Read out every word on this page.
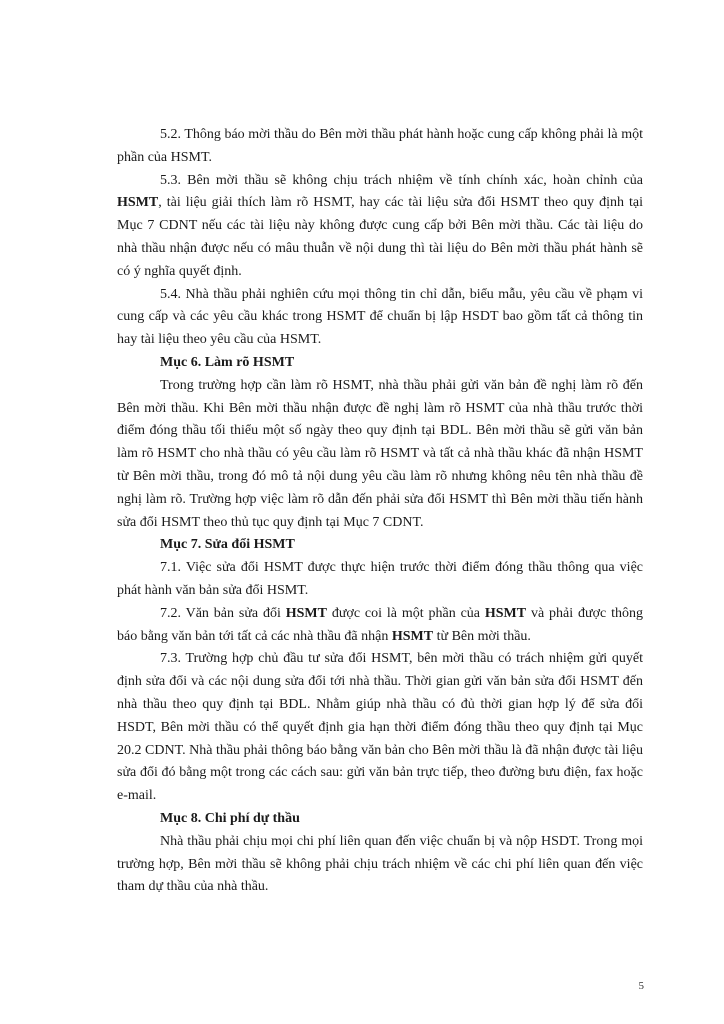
5.2. Thông báo mời thầu do Bên mời thầu phát hành hoặc cung cấp không phải là một phần của HSMT.

5.3. Bên mời thầu sẽ không chịu trách nhiệm về tính chính xác, hoàn chỉnh của HSMT, tài liệu giải thích làm rõ HSMT, hay các tài liệu sửa đổi HSMT theo quy định tại Mục 7 CDNT nếu các tài liệu này không được cung cấp bởi Bên mời thầu. Các tài liệu do nhà thầu nhận được nếu có mâu thuẫn về nội dung thì tài liệu do Bên mời thầu phát hành sẽ có ý nghĩa quyết định.

5.4. Nhà thầu phải nghiên cứu mọi thông tin chỉ dẫn, biểu mẫu, yêu cầu về phạm vi cung cấp và các yêu cầu khác trong HSMT để chuẩn bị lập HSDT bao gồm tất cả thông tin hay tài liệu theo yêu cầu của HSMT.

Mục 6. Làm rõ HSMT

Trong trường hợp cần làm rõ HSMT, nhà thầu phải gửi văn bản đề nghị làm rõ đến Bên mời thầu. Khi Bên mời thầu nhận được đề nghị làm rõ HSMT của nhà thầu trước thời điểm đóng thầu tối thiểu một số ngày theo quy định tại BDL. Bên mời thầu sẽ gửi văn bản làm rõ HSMT cho nhà thầu có yêu cầu làm rõ HSMT và tất cả nhà thầu khác đã nhận HSMT từ Bên mời thầu, trong đó mô tả nội dung yêu cầu làm rõ nhưng không nêu tên nhà thầu đề nghị làm rõ. Trường hợp việc làm rõ dẫn đến phải sửa đổi HSMT thì Bên mời thầu tiến hành sửa đổi HSMT theo thủ tục quy định tại Mục 7 CDNT.

Mục 7. Sửa đổi HSMT

7.1. Việc sửa đổi HSMT được thực hiện trước thời điểm đóng thầu thông qua việc phát hành văn bản sửa đổi HSMT.

7.2. Văn bản sửa đổi HSMT được coi là một phần của HSMT và phải được thông báo bằng văn bản tới tất cả các nhà thầu đã nhận HSMT từ Bên mời thầu.

7.3. Trường hợp chủ đầu tư sửa đổi HSMT, bên mời thầu có trách nhiệm gửi quyết định sửa đổi và các nội dung sửa đổi tới nhà thầu. Thời gian gửi văn bản sửa đổi HSMT đến nhà thầu theo quy định tại BDL. Nhằm giúp nhà thầu có đủ thời gian hợp lý để sửa đổi HSDT, Bên mời thầu có thể quyết định gia hạn thời điểm đóng thầu theo quy định tại Mục 20.2 CDNT. Nhà thầu phải thông báo bằng văn bản cho Bên mời thầu là đã nhận được tài liệu sửa đổi đó bằng một trong các cách sau: gửi văn bản trực tiếp, theo đường bưu điện, fax hoặc e-mail.

Mục 8. Chi phí dự thầu

Nhà thầu phải chịu mọi chi phí liên quan đến việc chuẩn bị và nộp HSDT. Trong mọi trường hợp, Bên mời thầu sẽ không phải chịu trách nhiệm về các chi phí liên quan đến việc tham dự thầu của nhà thầu.

5
